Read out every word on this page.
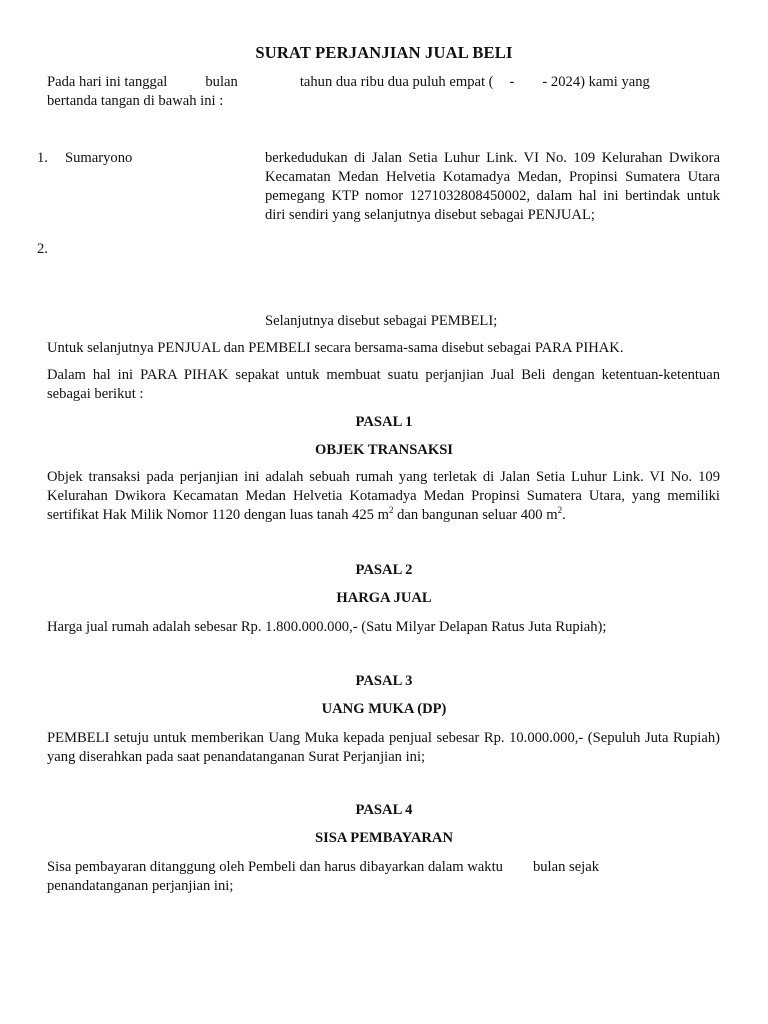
SURAT PERJANJIAN JUAL BELI
Pada hari ini tanggal	bulan	tahun dua ribu dua puluh empat ( - - 2024) kami yang
bertanda tangan di bawah ini :
1. Sumaryono	berkedudukan di Jalan Setia Luhur Link. VI No. 109 Kelurahan Dwikora Kecamatan Medan Helvetia Kotamadya Medan, Propinsi Sumatera Utara pemegang KTP nomor 1271032808450002, dalam hal ini bertindak untuk diri sendiri yang selanjutnya disebut sebagai PENJUAL;
2.
Selanjutnya disebut sebagai PEMBELI;
Untuk selanjutnya PENJUAL dan PEMBELI secara bersama-sama disebut sebagai PARA PIHAK.
Dalam hal ini PARA PIHAK sepakat untuk membuat suatu perjanjian Jual Beli dengan ketentuan-ketentuan sebagai berikut :
PASAL 1
OBJEK TRANSAKSI
Objek transaksi pada perjanjian ini adalah sebuah rumah yang terletak di Jalan Setia Luhur Link. VI No. 109 Kelurahan Dwikora Kecamatan Medan Helvetia Kotamadya Medan Propinsi Sumatera Utara, yang memiliki sertifikat Hak Milik Nomor 1120 dengan luas tanah 425 $m^2$ dan bangunan seluar 400 $m^2$.
PASAL 2
HARGA JUAL
Harga jual rumah adalah sebesar Rp. 1.800.000.000,- (Satu Milyar Delapan Ratus Juta Rupiah);
PASAL 3
UANG MUKA (DP)
PEMBELI setuju untuk memberikan Uang Muka kepada penjual sebesar Rp. 10.000.000,- (Sepuluh Juta Rupiah) yang diserahkan pada saat penandatanganan Surat Perjanjian ini;
PASAL 4
SISA PEMBAYARAN
Sisa pembayaran ditanggung oleh Pembeli dan harus dibayarkan dalam waktu bulan sejak
penandatanganan perjanjian ini;
